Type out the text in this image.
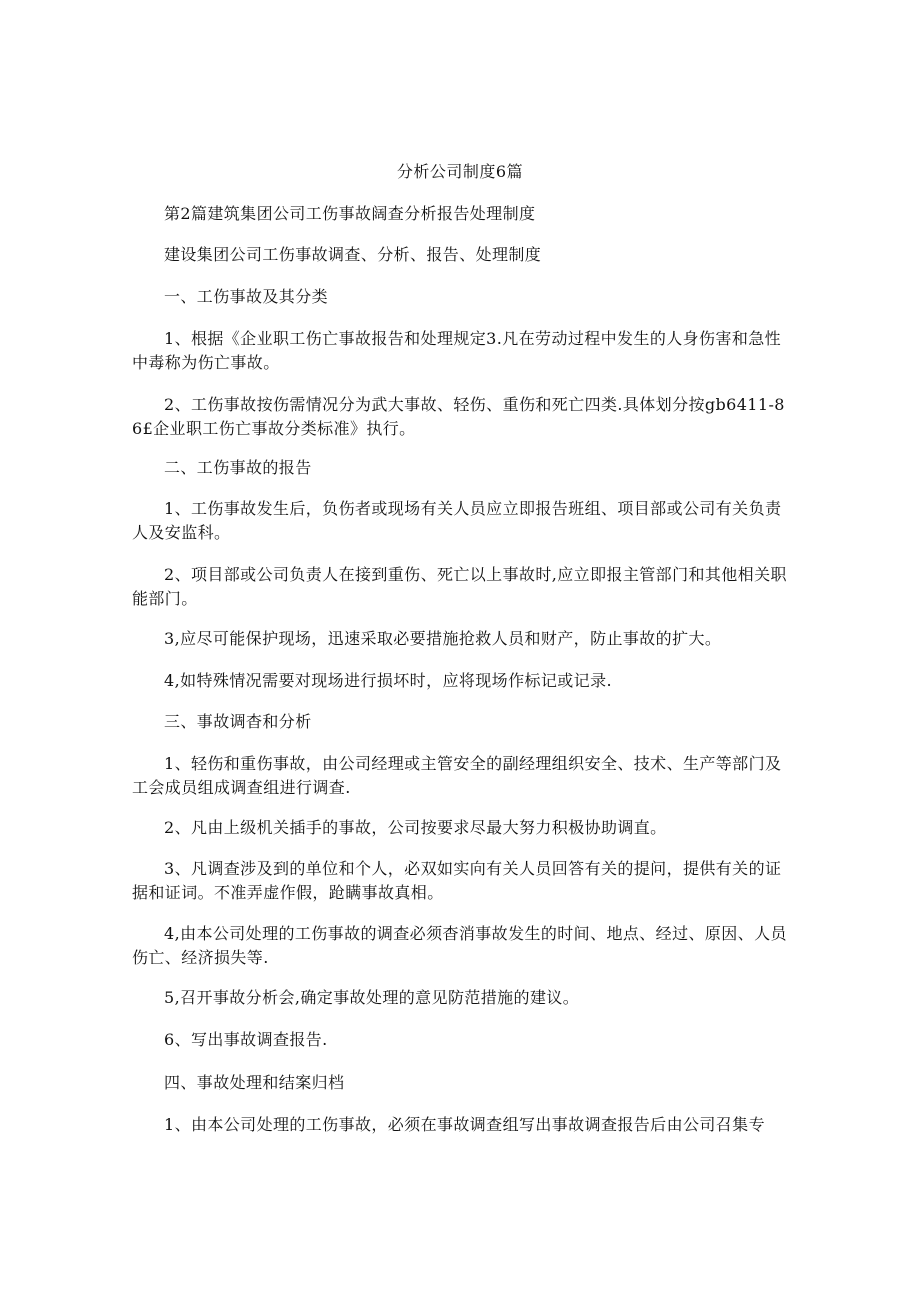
分析公司制度6篇
第2篇建筑集团公司工伤事故阔查分析报告处理制度
建设集团公司工伤事故调查、分析、报告、处理制度
一、工伤事故及其分类
1、根据《企业职工伤亡事故报告和处理规定3.凡在劳动过程中发生的人身伤害和急性中毒称为伤亡事故。
2、工伤事故按伤需情况分为武大事故、轻伤、重伤和死亡四类.具体划分按gb6411-86£企业职工伤亡事故分类标准》执行。
二、工伤事故的报告
1、工伤事故发生后，负伤者或现场有关人员应立即报告班组、项目部或公司有关负责人及安监科。
2、项目部或公司负责人在接到重伤、死亡以上事故时,应立即报主管部门和其他相关职能部门。
3,应尽可能保护现场，迅速采取必要措施抢救人员和财产，防止事故的扩大。
4,如特殊情况需要对现场进行损坏时，应将现场作标记或记录.
三、事故调杳和分析
1、轻伤和重伤事故，由公司经理或主管安全的副经理组织安全、技术、生产等部门及工会成员组成调查组进行调查.
2、凡由上级机关插手的事故，公司按要求尽最大努力积极协助调直。
3、凡调查涉及到的单位和个人，必双如实向有关人员回答有关的提问，提供有关的证据和证词。不准弄虚作假，跄瞒事故真相。
4,由本公司处理的工伤事故的调查必须杳消事故发生的时间、地点、经过、原因、人员伤亡、经济损失等.
5,召开事故分析会,确定事故处理的意见防范措施的建议。
6、写出事故调查报告.
四、事故处理和结案归档
1、由本公司处理的工伤事故，必须在事故调查组写出事故调查报告后由公司召集专
